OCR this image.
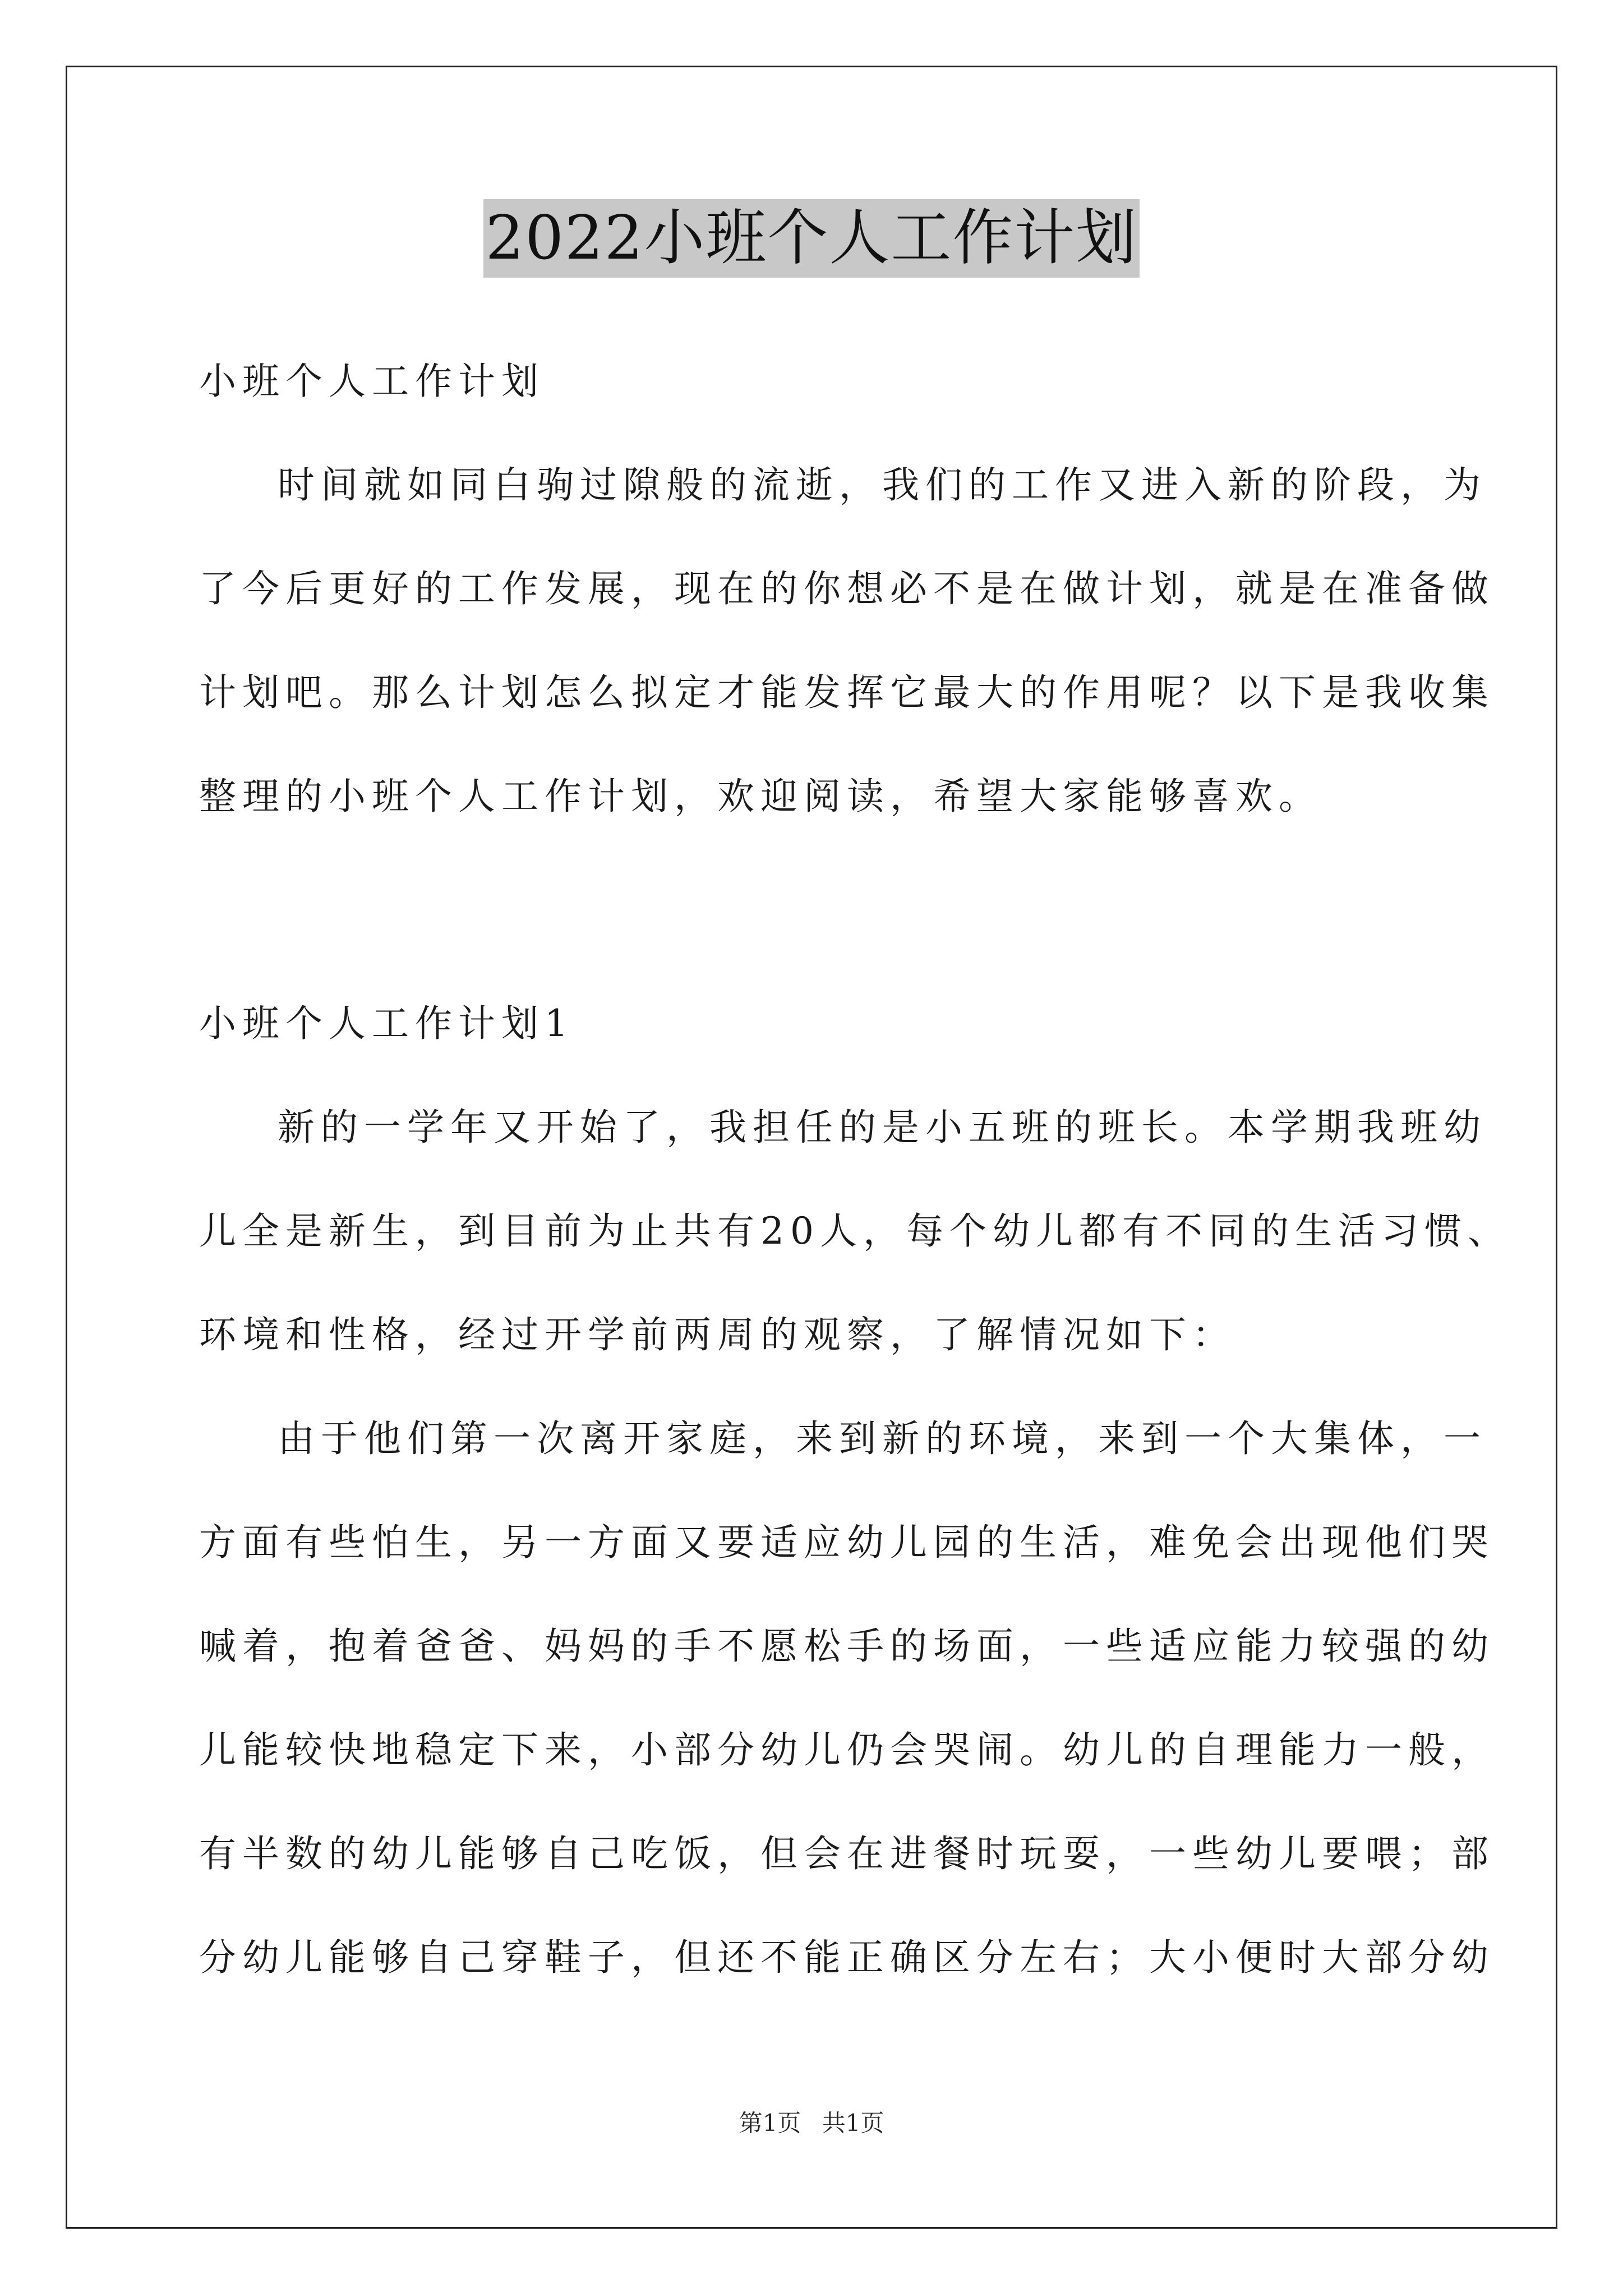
2022小班个人工作计划
小班个人工作计划
时间就如同白驹过隙般的流逝，我们的工作又进入新的阶段，为
了今后更好的工作发展，现在的你想必不是在做计划，就是在准备做
计划吧。那么计划怎么拟定才能发挥它最大的作用呢？以下是我收集
整理的小班个人工作计划，欢迎阅读，希望大家能够喜欢。
小班个人工作计划1
新的一学年又开始了，我担任的是小五班的班长。本学期我班幼
儿全是新生，到目前为止共有20人，每个幼儿都有不同的生活习惯、
环境和性格，经过开学前两周的观察，了解情况如下：
由于他们第一次离开家庭，来到新的环境，来到一个大集体，一
方面有些怕生，另一方面又要适应幼儿园的生活，难免会出现他们哭
喊着，抱着爸爸、妈妈的手不愿松手的场面，一些适应能力较强的幼
儿能较快地稳定下来，小部分幼儿仍会哭闹。幼儿的自理能力一般，
有半数的幼儿能够自己吃饭，但会在进餐时玩耍，一些幼儿要喂；部
分幼儿能够自己穿鞋子，但还不能正确区分左右；大小便时大部分幼
第1页 共1页
